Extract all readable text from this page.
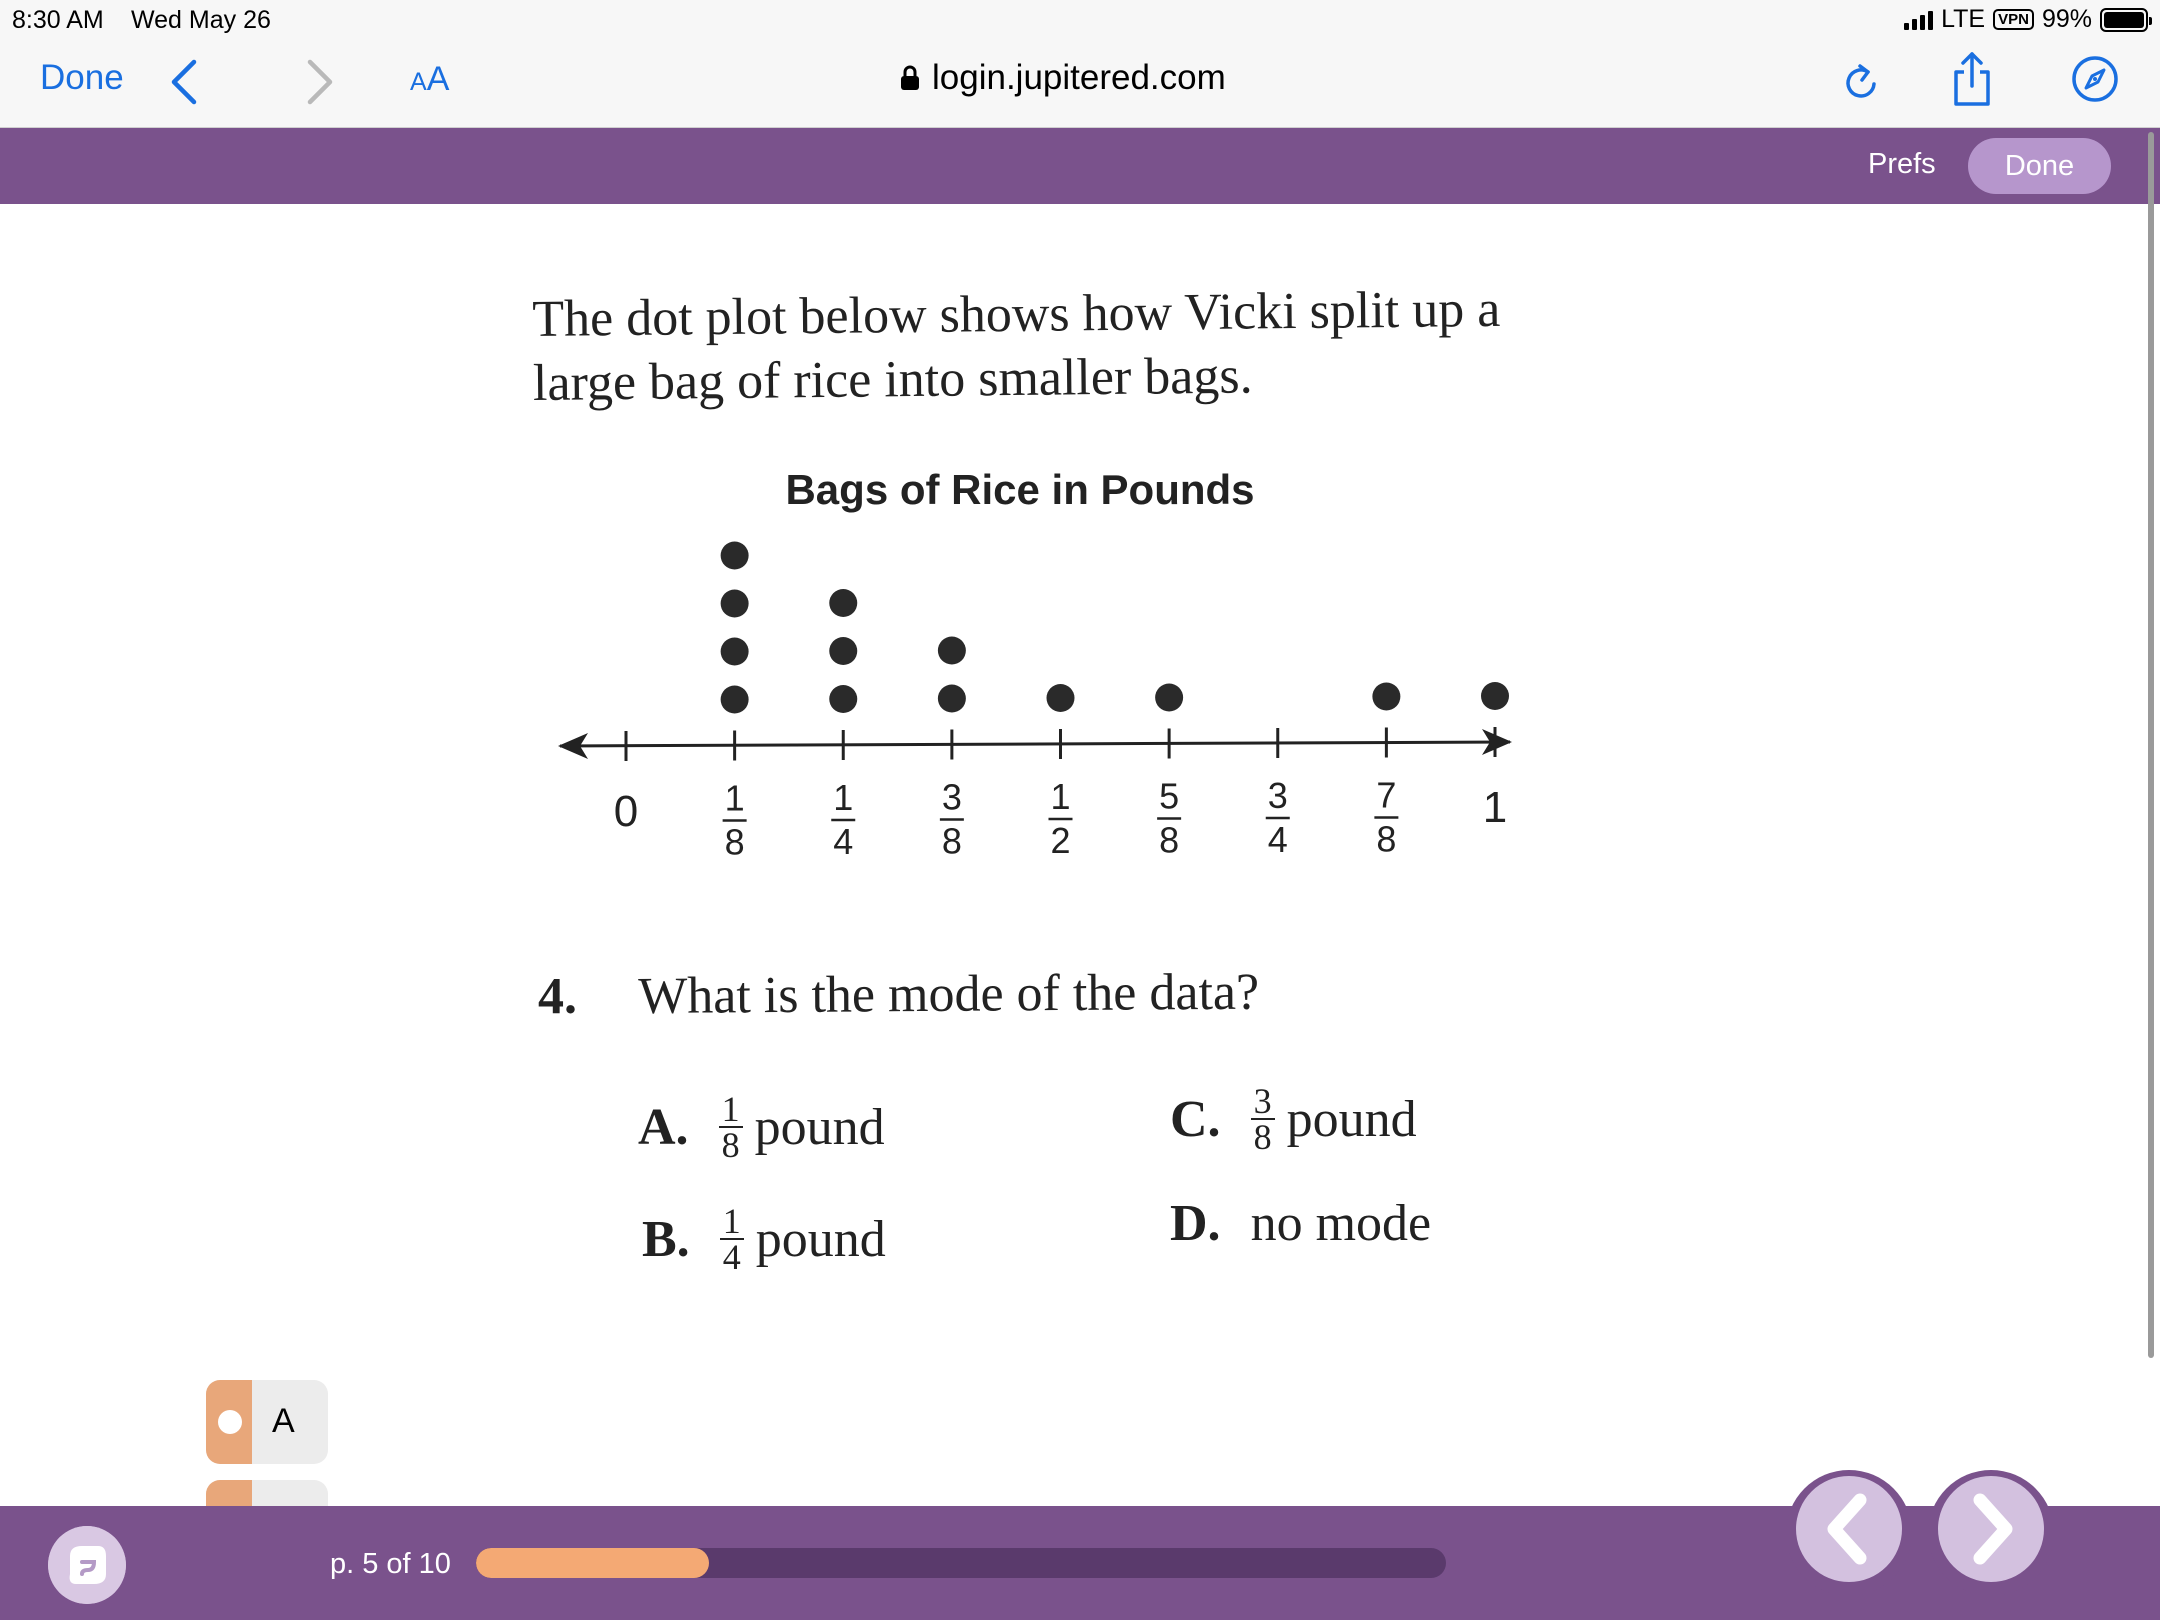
8:30 AM Wed May 26	LTE VPN 99%
Done	AA	login.jupitered.com
Prefs	Done
The dot plot below shows how Vicki split up a large bag of rice into smaller bags.
Bags of Rice in Pounds
0 1
8
1
4
3
8
1
2
5
8
3
4
7
8
1
4. What is the mode of the data?
A. $\frac{1}{8}$ pound
B. $\frac{1}{4}$ pound
C. $\frac{3}{8}$ pound
D. no mode
A
p. 5 of 10
